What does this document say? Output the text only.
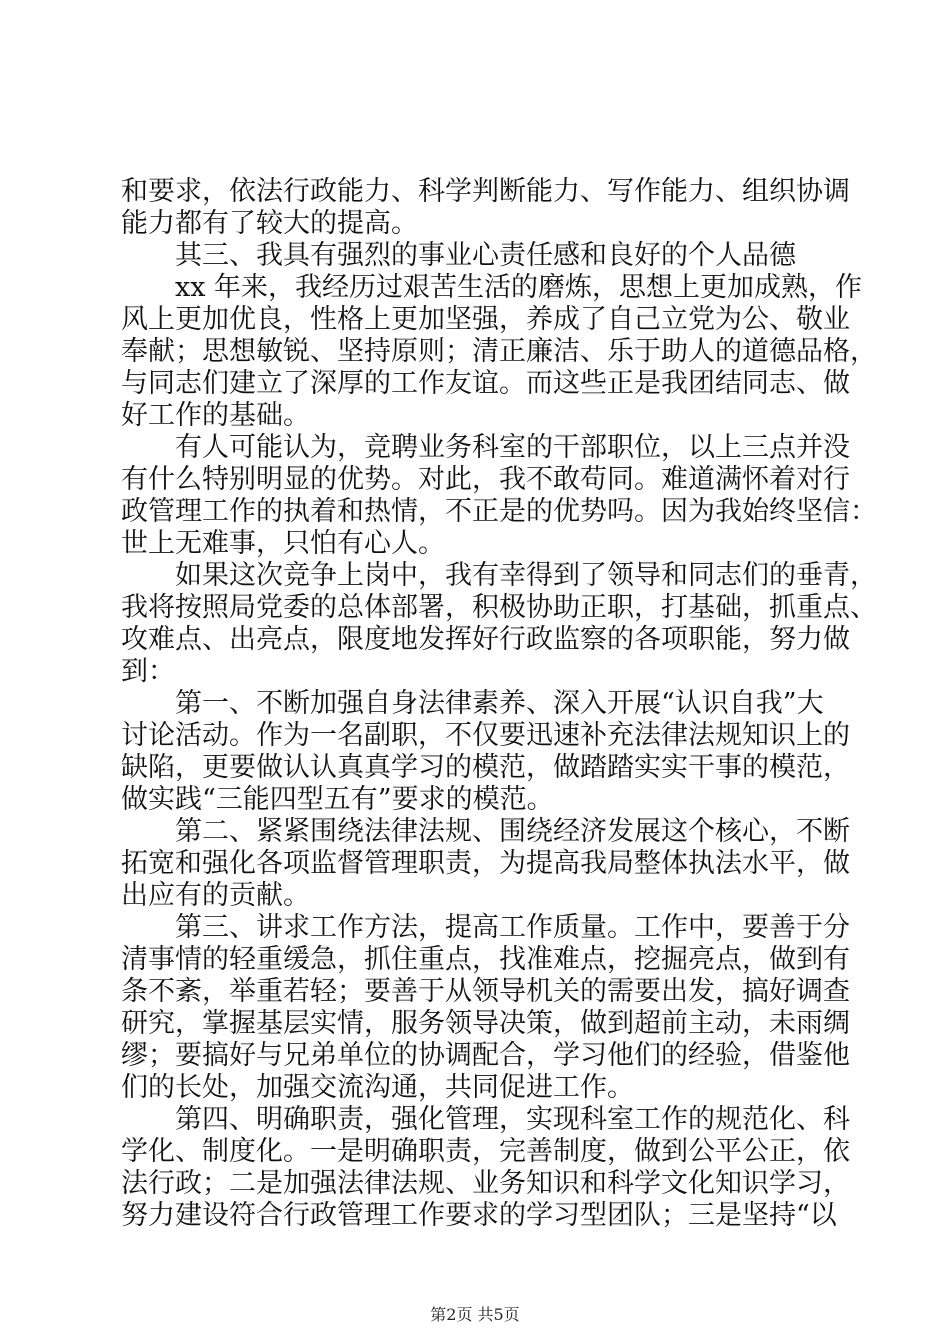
和要求，依法行政能力、科学判断能力、写作能力、组织协调
能力都有了较大的提高。
其三、我具有强烈的事业心责任感和良好的个人品德
xx 年来，我经历过艰苦生活的磨炼，思想上更加成熟，作
风上更加优良，性格上更加坚强，养成了自己立党为公、敬业
奉献；思想敏锐、坚持原则；清正廉洁、乐于助人的道德品格，
与同志们建立了深厚的工作友谊。而这些正是我团结同志、做
好工作的基础。
有人可能认为，竞聘业务科室的干部职位，以上三点并没
有什么特别明显的优势。对此，我不敢苟同。难道满怀着对行
政管理工作的执着和热情，不正是的优势吗。因为我始终坚信：
世上无难事，只怕有心人。
如果这次竞争上岗中，我有幸得到了领导和同志们的垂青，
我将按照局党委的总体部署，积极协助正职，打基础，抓重点、
攻难点、出亮点，限度地发挥好行政监察的各项职能，努力做
到：
第一、不断加强自身法律素养、深入开展“认识自我”大
讨论活动。作为一名副职，不仅要迅速补充法律法规知识上的
缺陷，更要做认认真真学习的模范，做踏踏实实干事的模范，
做实践“三能四型五有”要求的模范。
第二、紧紧围绕法律法规、围绕经济发展这个核心，不断
拓宽和强化各项监督管理职责，为提高我局整体执法水平，做
出应有的贡献。
第三、讲求工作方法，提高工作质量。工作中，要善于分
清事情的轻重缓急，抓住重点，找准难点，挖掘亮点，做到有
条不紊，举重若轻；要善于从领导机关的需要出发，搞好调查
研究，掌握基层实情，服务领导决策，做到超前主动，未雨绸
缪；要搞好与兄弟单位的协调配合，学习他们的经验，借鉴他
们的长处，加强交流沟通，共同促进工作。
第四、明确职责，强化管理，实现科室工作的规范化、科
学化、制度化。一是明确职责，完善制度，做到公平公正，依
法行政；二是加强法律法规、业务知识和科学文化知识学习，
努力建设符合行政管理工作要求的学习型团队；三是坚持“以
第2页 共5页
